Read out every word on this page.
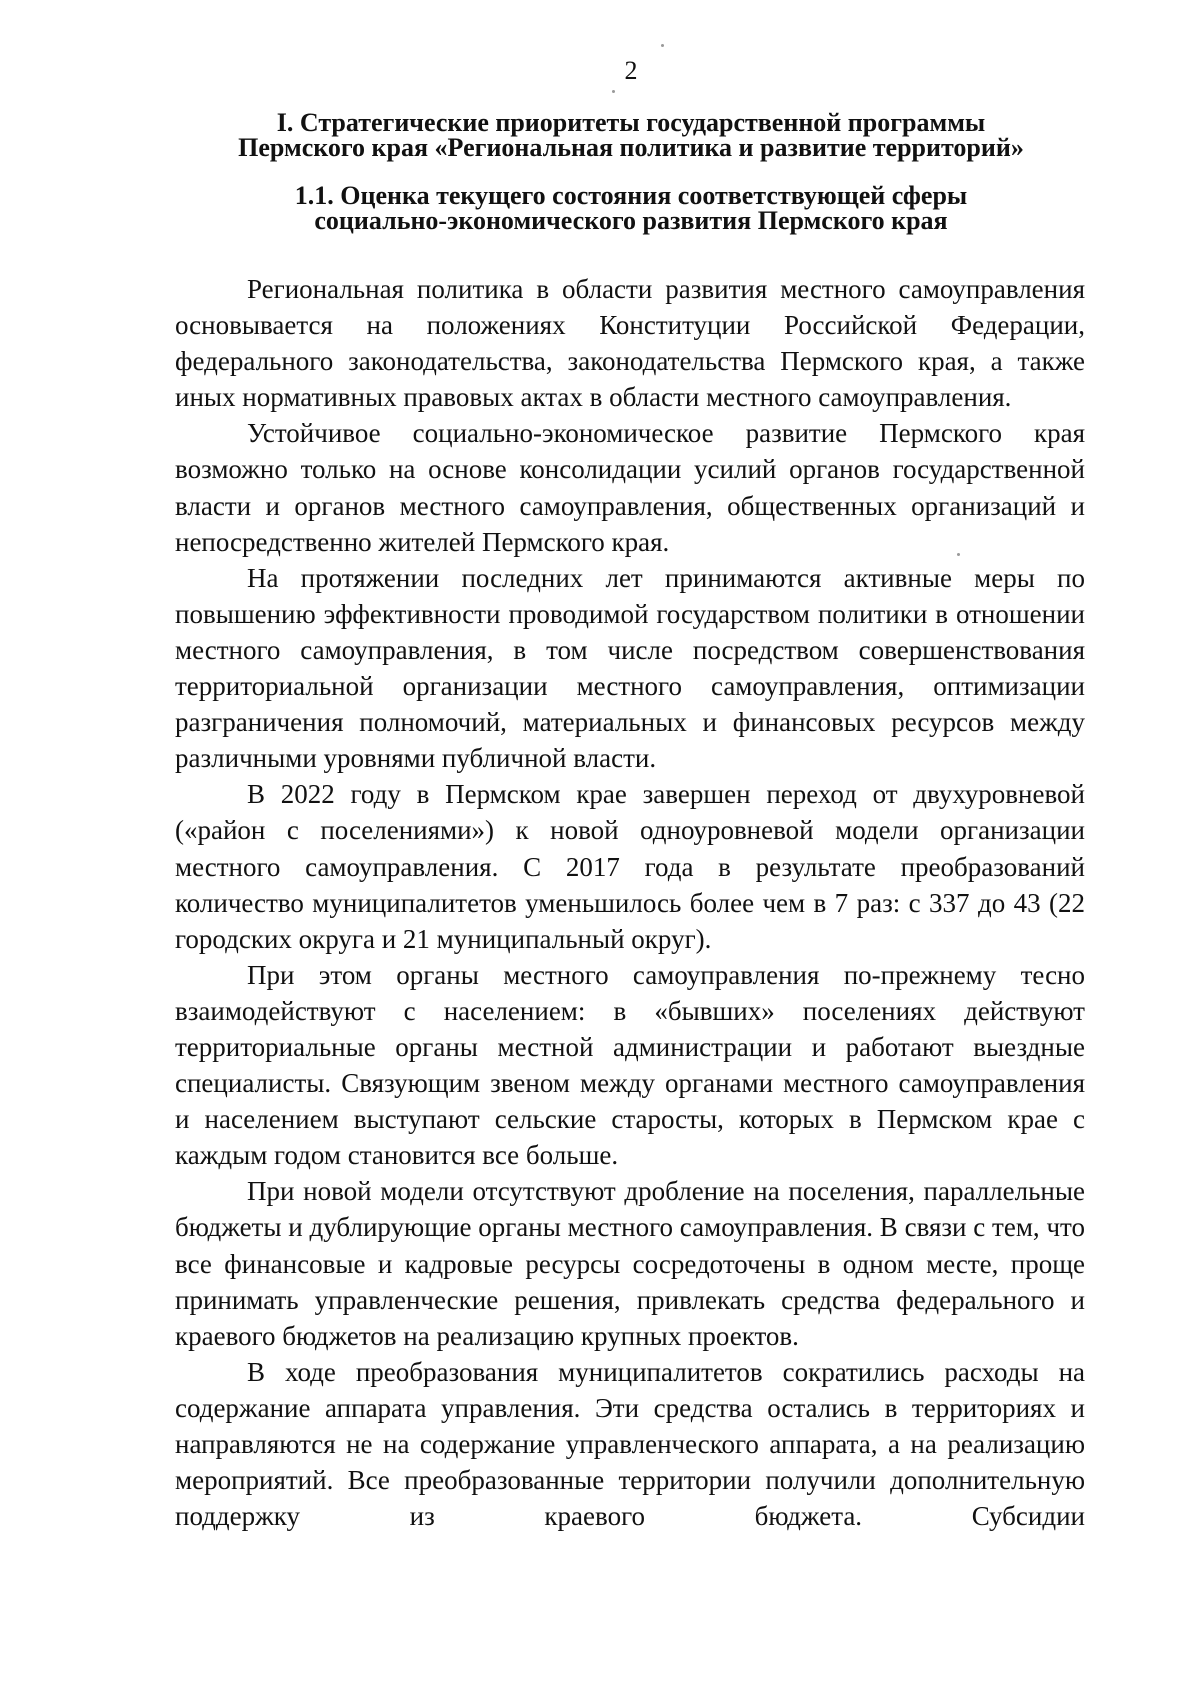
2
I. Стратегические приоритеты государственной программы
Пермского края «Региональная политика и развитие территорий»
1.1. Оценка текущего состояния соответствующей сферы
социально-экономического развития Пермского края

Региональная политика в области развития местного самоуправления основывается на положениях Конституции Российской Федерации, федерального законодательства, законодательства Пермского края, а также иных нормативных правовых актах в области местного самоуправления.

Устойчивое социально-экономическое развитие Пермского края возможно только на основе консолидации усилий органов государственной власти и органов местного самоуправления, общественных организаций и непосредственно жителей Пермского края.

На протяжении последних лет принимаются активные меры по повышению эффективности проводимой государством политики в отношении местного самоуправления, в том числе посредством совершенствования территориальной организации местного самоуправления, оптимизации разграничения полномочий, материальных и финансовых ресурсов между различными уровнями публичной власти.

В 2022 году в Пермском крае завершен переход от двухуровневой («район с поселениями») к новой одноуровневой модели организации местного самоуправления. С 2017 года в результате преобразований количество муниципалитетов уменьшилось более чем в 7 раз: с 337 до 43 (22 городских округа и 21 муниципальный округ).

При этом органы местного самоуправления по-прежнему тесно взаимодействуют с населением: в «бывших» поселениях действуют территориальные органы местной администрации и работают выездные специалисты. Связующим звеном между органами местного самоуправления и населением выступают сельские старосты, которых в Пермском крае с каждым годом становится все больше.

При новой модели отсутствуют дробление на поселения, параллельные бюджеты и дублирующие органы местного самоуправления. В связи с тем, что все финансовые и кадровые ресурсы сосредоточены в одном месте, проще принимать управленческие решения, привлекать средства федерального и краевого бюджетов на реализацию крупных проектов.

В ходе преобразования муниципалитетов сократились расходы на содержание аппарата управления. Эти средства остались в территориях и направляются не на содержание управленческого аппарата, а на реализацию мероприятий. Все преобразованные территории получили дополнительную поддержку из краевого бюджета. Субсидии
